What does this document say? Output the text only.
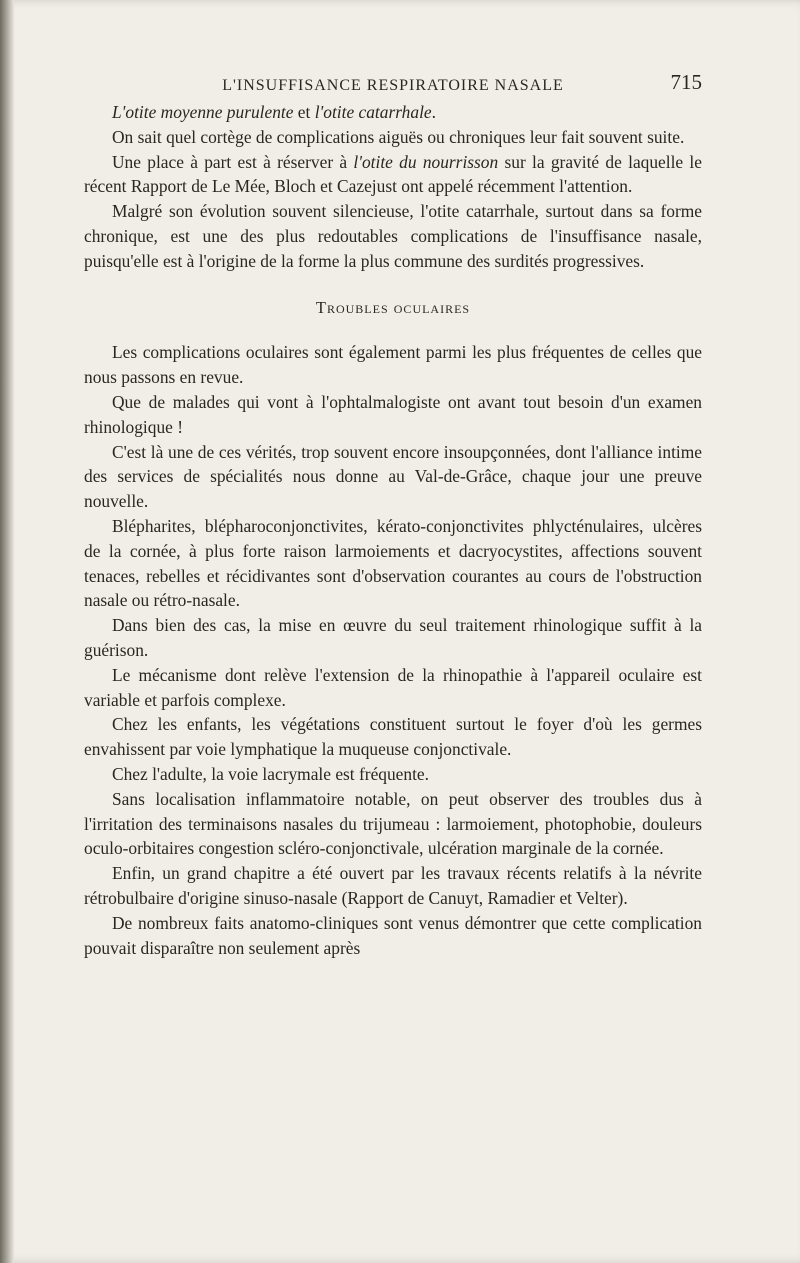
L'INSUFFISANCE RESPIRATOIRE NASALE	715

L'otite moyenne purulente et l'otite catarrhale.

On sait quel cortège de complications aiguës ou chroniques leur fait souvent suite.

Une place à part est à réserver à l'otite du nourrisson sur la gravité de laquelle le récent Rapport de Le Mée, Bloch et Cazejust ont appelé récemment l'attention.

Malgré son évolution souvent silencieuse, l'otite catarrhale, surtout dans sa forme chronique, est une des plus redoutables complications de l'insuffisance nasale, puisqu'elle est à l'origine de la forme la plus commune des surdités progressives.

Troubles oculaires

Les complications oculaires sont également parmi les plus fréquentes de celles que nous passons en revue.

Que de malades qui vont à l'ophtalmalogiste ont avant tout besoin d'un examen rhinologique !

C'est là une de ces vérités, trop souvent encore insoupçonnées, dont l'alliance intime des services de spécialités nous donne au Val-de-Grâce, chaque jour une preuve nouvelle.

Blépharites, blépharoconjonctivites, kérato-conjonctivites phlycténulaires, ulcères de la cornée, à plus forte raison larmoiements et dacryocystites, affections souvent tenaces, rebelles et récidivantes sont d'observation courantes au cours de l'obstruction nasale ou rétro-nasale.

Dans bien des cas, la mise en œuvre du seul traitement rhinologique suffit à la guérison.

Le mécanisme dont relève l'extension de la rhinopathie à l'appareil oculaire est variable et parfois complexe.

Chez les enfants, les végétations constituent surtout le foyer d'où les germes envahissent par voie lymphatique la muqueuse conjonctivale.

Chez l'adulte, la voie lacrymale est fréquente.

Sans localisation inflammatoire notable, on peut observer des troubles dus à l'irritation des terminaisons nasales du trijumeau : larmoiement, photophobie, douleurs oculo-orbitaires congestion scléro-conjonctivale, ulcération marginale de la cornée.

Enfin, un grand chapitre a été ouvert par les travaux récents relatifs à la névrite rétrobulbaire d'origine sinuso-nasale (Rapport de Canuyt, Ramadier et Velter).

De nombreux faits anatomo-cliniques sont venus démontrer que cette complication pouvait disparaître non seulement après
